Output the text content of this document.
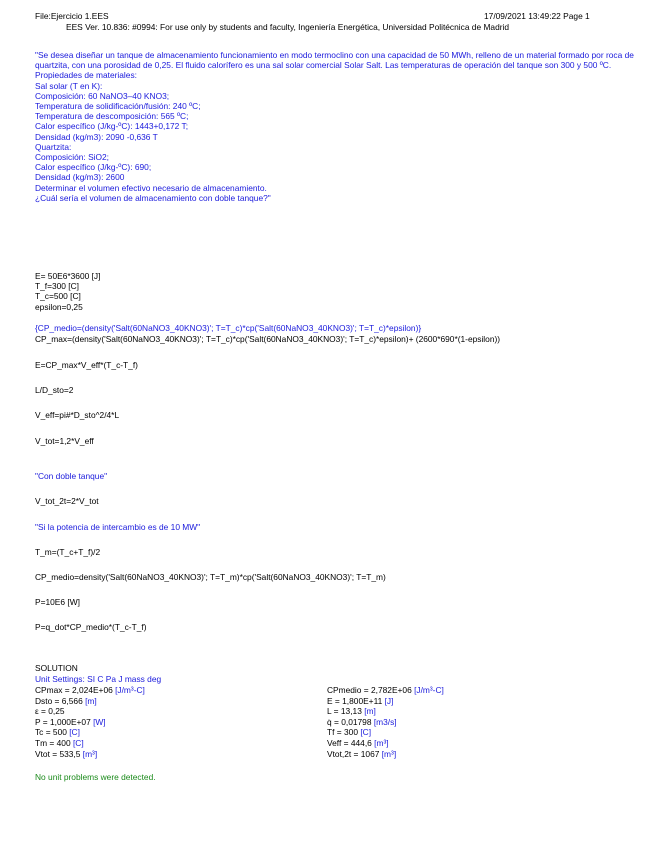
File:Ejercicio 1.EES	17/09/2021 13:49:22 Page 1
EES Ver. 10.836: #0994: For use only by students and faculty, Ingeniería Energética, Universidad Politécnica de Madrid
"Se desea diseñar un tanque de almacenamiento funcionamiento en modo termoclino con una capacidad de 50 MWh, relleno de un material formado por roca de quartzita, con una porosidad de 0,25. El fluido calorífero es una sal solar comercial Solar Salt. Las temperaturas de operación del tanque son 300 y 500 ºC.
Propiedades de materiales:
Sal solar (T en K):
Composición: 60 NaNO3–40 KNO3;
Temperatura de solidificación/fusión: 240 ºC;
Temperatura de descomposición: 565 ºC;
Calor específico (J/kg-ºC): 1443+0,172 T;
Densidad (kg/m3): 2090 -0,636 T
Quartzita:
Composición: SiO2;
Calor específico (J/kg-ºC): 690;
Densidad (kg/m3): 2600
Determinar el volumen efectivo necesario de almacenamiento.
¿Cuál sería el volumen de almacenamiento con doble tanque?"
E= 50E6*3600 [J]
T_f=300 [C]
T_c=500 [C]
epsilon=0,25
{CP_medio=(density('Salt(60NaNO3_40KNO3)'; T=T_c)*cp('Salt(60NaNO3_40KNO3)'; T=T_c)*epsilon)}
CP_max=(density('Salt(60NaNO3_40KNO3)'; T=T_c)*cp('Salt(60NaNO3_40KNO3)'; T=T_c)*epsilon)+ (2600*690*(1-epsilon))
E=CP_max*V_eff*(T_c-T_f)
L/D_sto=2
V_eff=pi#*D_sto^2/4*L
V_tot=1,2*V_eff
"Con doble tanque"
V_tot_2t=2*V_tot
"Si la potencia de intercambio es de 10 MW"
T_m=(T_c+T_f)/2
CP_medio=density('Salt(60NaNO3_40KNO3)'; T=T_m)*cp('Salt(60NaNO3_40KNO3)'; T=T_m)
P=10E6 [W]
P=q_dot*CP_medio*(T_c-T_f)
SOLUTION
Unit Settings: SI C Pa J mass deg
CPmax = 2,024E+06 [J/m³-C]
Dsto = 6,566 [m]
ε = 0,25
P = 1,000E+07 [W]
Tc = 500 [C]
Tm = 400 [C]
Vtot = 533,5 [m³]
CPmedio = 2,782E+06 [J/m³-C]
E = 1,800E+11 [J]
L = 13,13 [m]
q̇ = 0,01798 [m3/s]
Tf = 300 [C]
Veff = 444,6 [m³]
Vtot,2t = 1067 [m³]
No unit problems were detected.
